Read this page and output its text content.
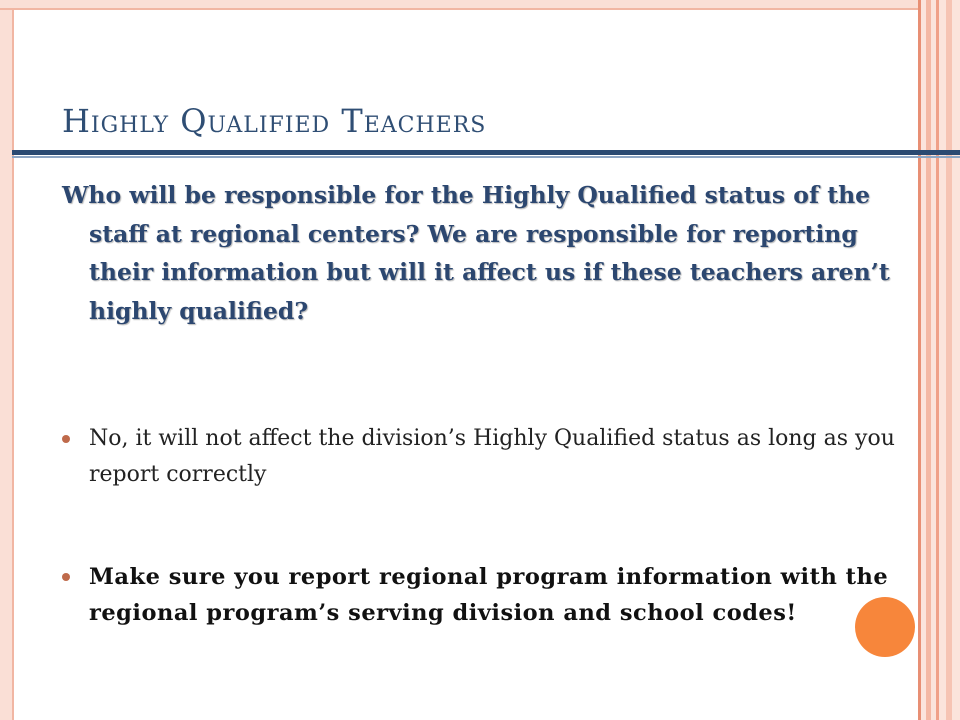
Highly Qualified Teachers
Who will be responsible for the Highly Qualified status of the staff at regional centers? We are responsible for reporting their information but will it affect us if these teachers aren’t highly qualified?
No, it will not affect the division’s Highly Qualified status as long as you report correctly
Make sure you report regional program information with the regional program’s serving division and school codes!
